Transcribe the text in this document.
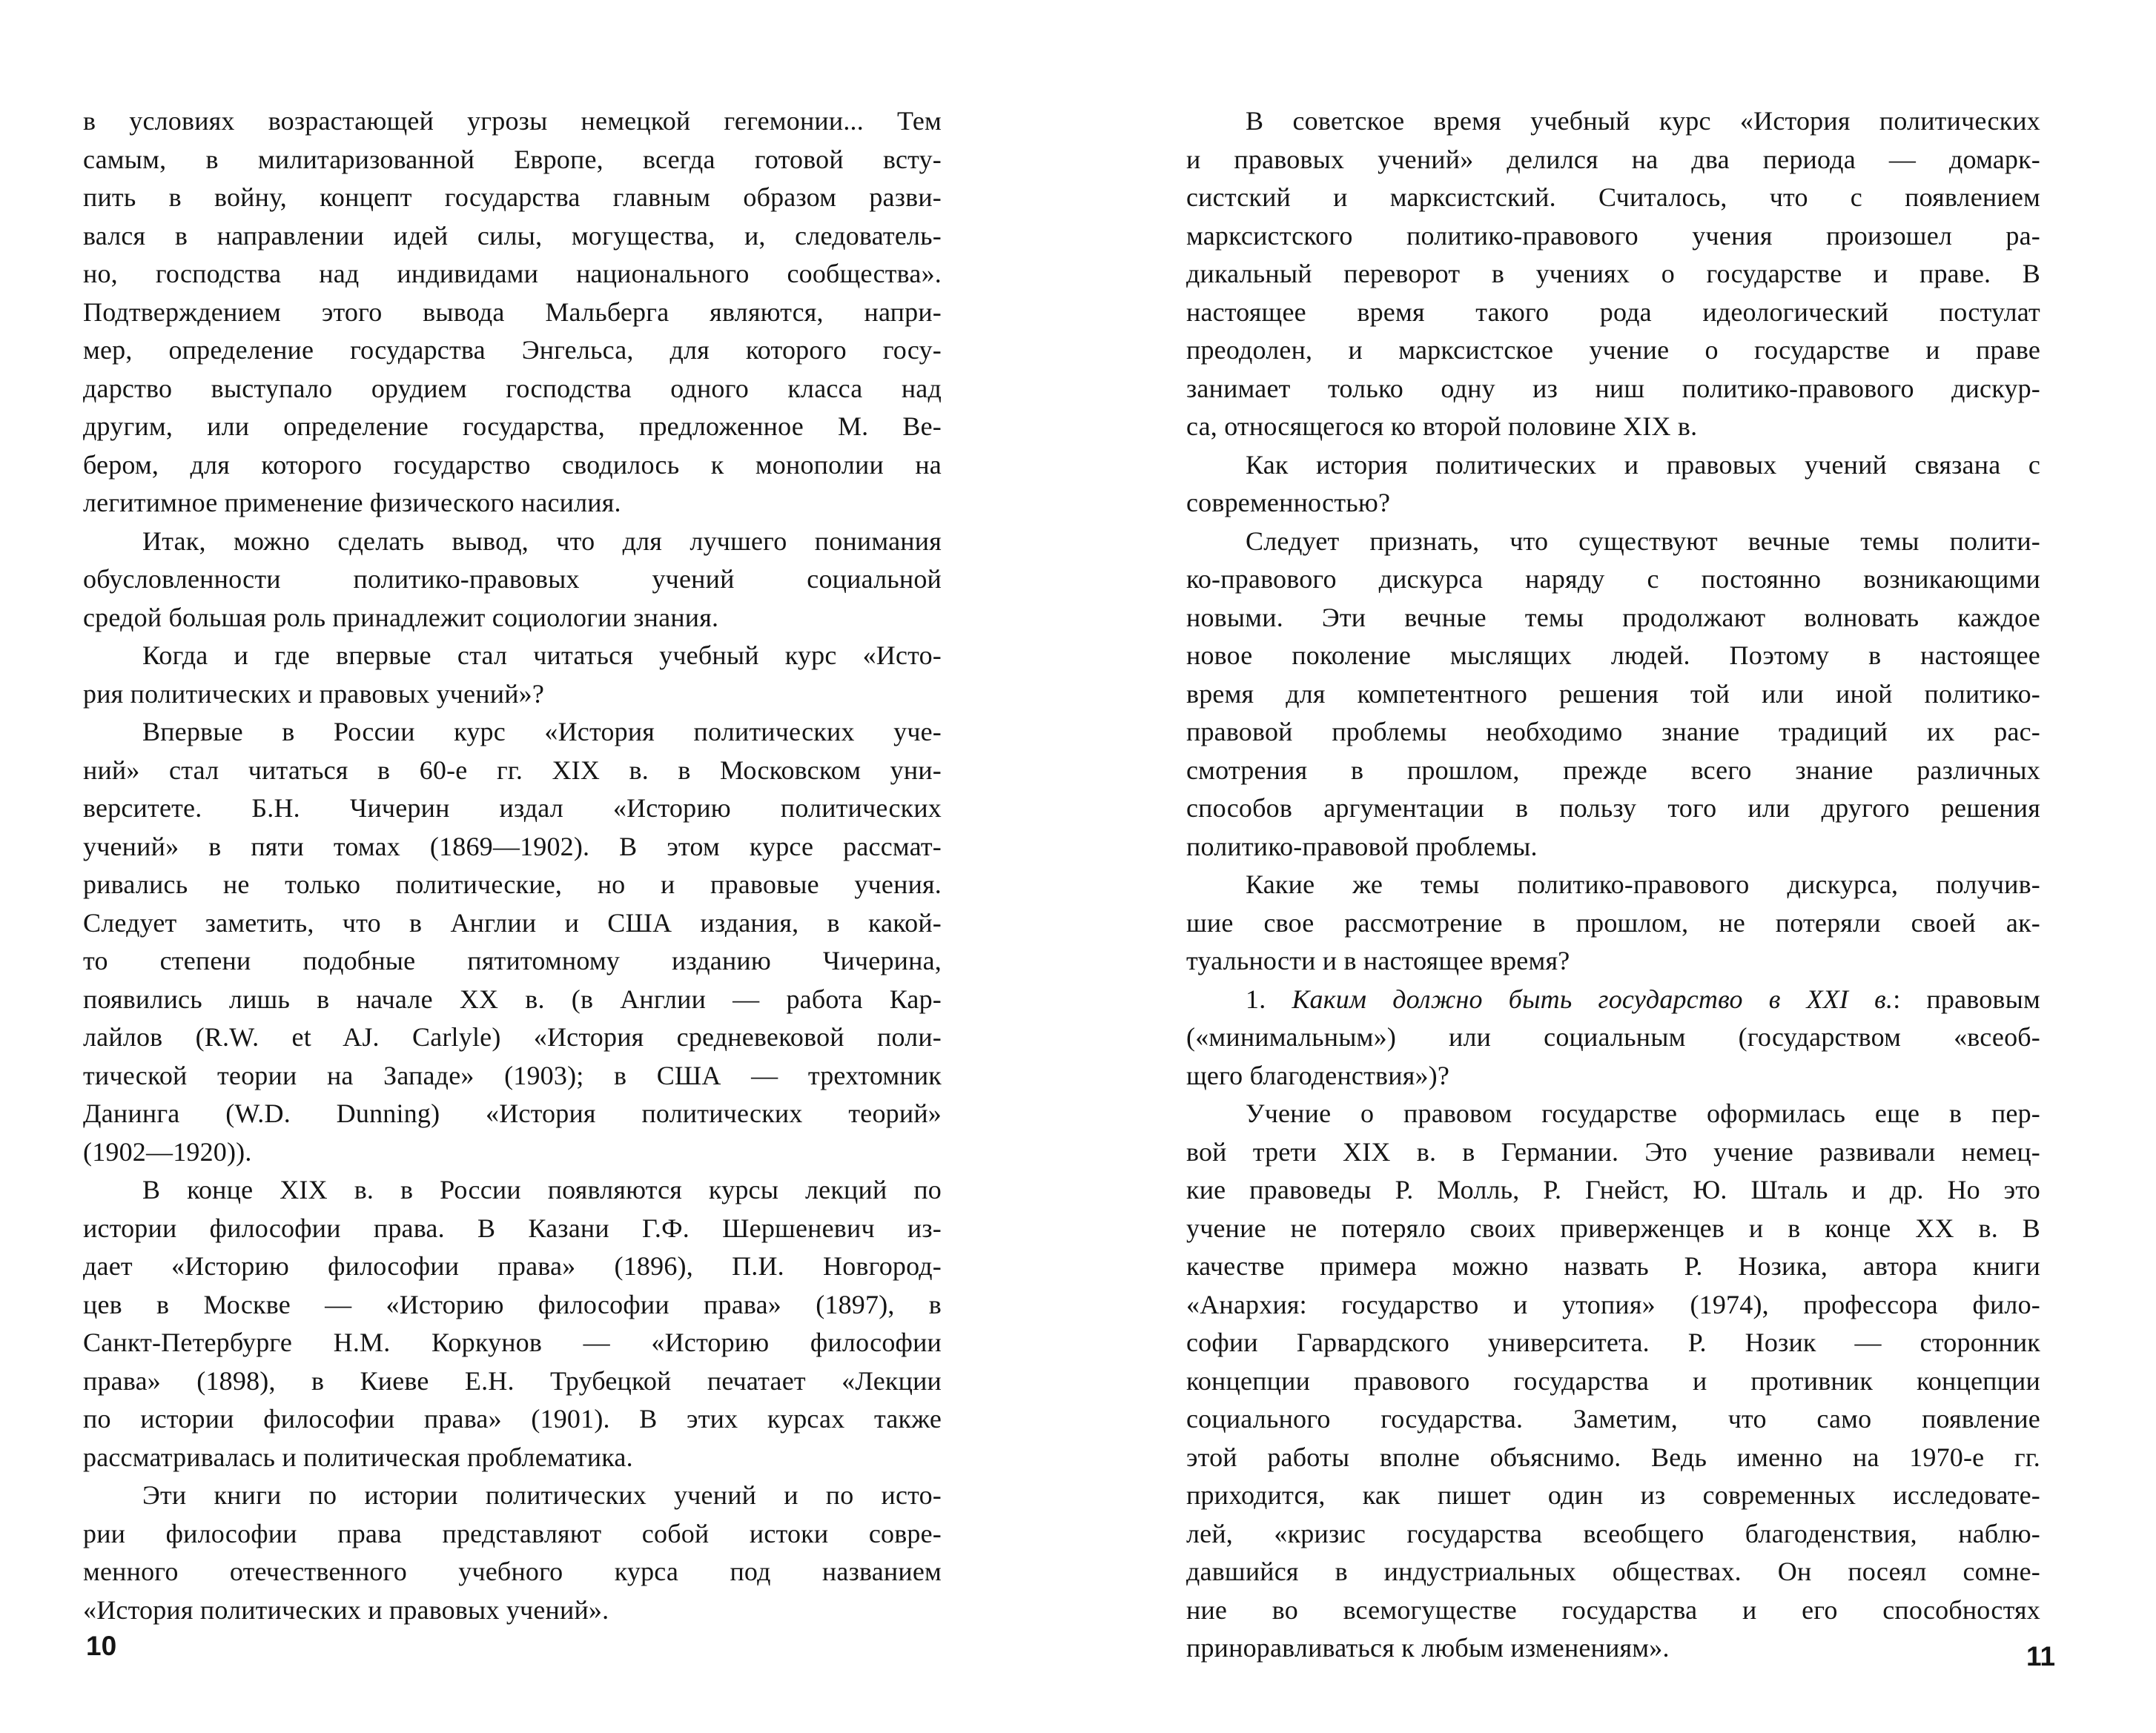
в условиях возрастающей угрозы немецкой гегемонии... Тем
самым, в милитаризованной Европе, всегда готовой всту-
пить в войну, концепт государства главным образом разви-
вался в направлении идей силы, могущества, и, следователь-
но, господства над индивидами национального сообщества».
Подтверждением этого вывода Мальберга являются, напри-
мер, определение государства Энгельса, для которого госу-
дарство выступало орудием господства одного класса над
другим, или определение государства, предложенное М. Ве-
бером, для которого государство сводилось к монополии на
легитимное применение физического насилия.
Итак, можно сделать вывод, что для лучшего понимания
обусловленности политико-правовых учений социальной
средой большая роль принадлежит социологии знания.
Когда и где впервые стал читаться учебный курс «Исто-
рия политических и правовых учений»?
Впервые в России курс «История политических уче-
ний» стал читаться в 60-е гг. XIX в. в Московском уни-
верситете. Б.Н. Чичерин издал «Историю политических
учений» в пяти томах (1869—1902). В этом курсе рассмат-
ривались не только политические, но и правовые учения.
Следует заметить, что в Англии и США издания, в какой-
то степени подобные пятитомному изданию Чичерина,
появились лишь в начале XX в. (в Англии — работа Кар-
лайлов (R.W. et AJ. Carlyle) «История средневековой поли-
тической теории на Западе» (1903); в США — трехтомник
Данинга (W.D. Dunning) «История политических теорий»
(1902—1920)).
В конце XIX в. в России появляются курсы лекций по
истории философии права. В Казани Г.Ф. Шершеневич из-
дает «Историю философии права» (1896), П.И. Новгород-
цев в Москве — «Историю философии права» (1897), в
Санкт-Петербурге Н.М. Коркунов — «Историю философии
права» (1898), в Киеве Е.Н. Трубецкой печатает «Лекции
по истории философии права» (1901). В этих курсах также
рассматривалась и политическая проблематика.
Эти книги по истории политических учений и по исто-
рии философии права представляют собой истоки совре-
менного отечественного учебного курса под названием
«История политических и правовых учений».
В советское время учебный курс «История политических
и правовых учений» делился на два периода — домарк-
систский и марксистский. Считалось, что с появлением
марксистского политико-правового учения произошел ра-
дикальный переворот в учениях о государстве и праве. В
настоящее время такого рода идеологический постулат
преодолен, и марксистское учение о государстве и праве
занимает только одну из ниш политико-правового дискур-
са, относящегося ко второй половине XIX в.
Как история политических и правовых учений связана с
современностью?
Следует признать, что существуют вечные темы полити-
ко-правового дискурса наряду с постоянно возникающими
новыми. Эти вечные темы продолжают волновать каждое
новое поколение мыслящих людей. Поэтому в настоящее
время для компетентного решения той или иной политико-
правовой проблемы необходимо знание традиций их рас-
смотрения в прошлом, прежде всего знание различных
способов аргументации в пользу того или другого решения
политико-правовой проблемы.
Какие же темы политико-правового дискурса, получив-
шие свое рассмотрение в прошлом, не потеряли своей ак-
туальности и в настоящее время?
1. Каким должно быть государство в XXI в.: правовым
(«минимальным») или социальным (государством «всеоб-
щего благоденствия»)?
Учение о правовом государстве оформилась еще в пер-
вой трети XIX в. в Германии. Это учение развивали немец-
кие правоведы Р. Молль, Р. Гнейст, Ю. Шталь и др. Но это
учение не потеряло своих приверженцев и в конце XX в. В
качестве примера можно назвать Р. Нозика, автора книги
«Анархия: государство и утопия» (1974), профессора фило-
софии Гарвардского университета. Р. Нозик — сторонник
концепции правового государства и противник концепции
социального государства. Заметим, что само появление
этой работы вполне объяснимо. Ведь именно на 1970-е гг.
приходится, как пишет один из современных исследовате-
лей, «кризис государства всеобщего благоденствия, наблю-
давшийся в индустриальных обществах. Он посеял сомне-
ние во всемогуществе государства и его способностях
приноравливаться к любым изменениям».
10	11
